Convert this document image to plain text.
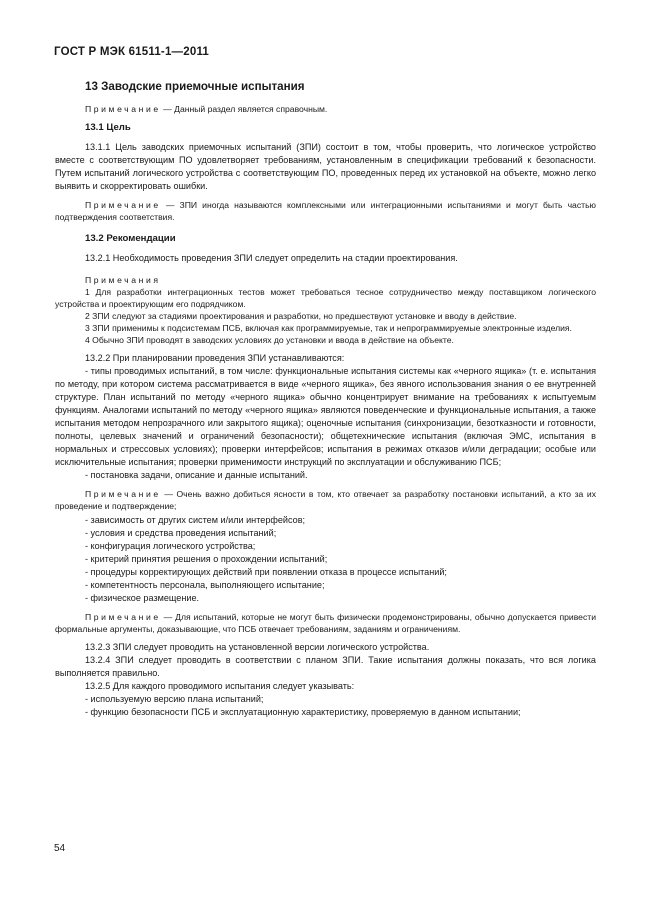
ГОСТ Р МЭК 61511-1—2011

13 Заводские приемочные испытания

Примечание — Данный раздел является справочным.

13.1 Цель

13.1.1 Цель заводских приемочных испытаний (ЗПИ) состоит в том, чтобы проверить, что логическое устройство вместе с соответствующим ПО удовлетворяет требованиям, установленным в спецификации требований к безопасности. Путем испытаний логического устройства с соответствующим ПО, проведенных перед их установкой на объекте, можно легко выявить и скорректировать ошибки.

Примечание — ЗПИ иногда называются комплексными или интеграционными испытаниями и могут быть частью подтверждения соответствия.

13.2 Рекомендации

13.2.1 Необходимость проведения ЗПИ следует определить на стадии проектирования.

Примечания

1 Для разработки интеграционных тестов может требоваться тесное сотрудничество между поставщиком логического устройства и проектирующим его подрядчиком.

2 ЗПИ следуют за стадиями проектирования и разработки, но предшествуют установке и вводу в действие.

3 ЗПИ применимы к подсистемам ПСБ, включая как программируемые, так и непрограммируемые электронные изделия.

4 Обычно ЗПИ проводят в заводских условиях до установки и ввода в действие на объекте.

13.2.2 При планировании проведения ЗПИ устанавливаются:

- типы проводимых испытаний, в том числе: функциональные испытания системы как «черного ящика» (т. е. испытания по методу, при котором система рассматривается в виде «черного ящика», без явного использования знания о ее внутренней структуре. План испытаний по методу «черного ящика» обычно концентрирует внимание на требованиях к испытуемым функциям. Аналогами испытаний по методу «черного ящика» являются поведенческие и функциональные испытания, а также испытания методом непрозрачного или закрытого ящика); оценочные испытания (синхронизации, безотказности и готовности, полноты, целевых значений и ограничений безопасности); общетехнические испытания (включая ЭМС, испытания в нормальных и стрессовых условиях); проверки интерфейсов; испытания в режимах отказов и/или деградации; особые или исключительные испытания; проверки применимости инструкций по эксплуатации и обслуживанию ПСБ;

- постановка задачи, описание и данные испытаний.

Примечание — Очень важно добиться ясности в том, кто отвечает за разработку постановки испытаний, а кто за их проведение и подтверждение;

- зависимость от других систем и/или интерфейсов;

- условия и средства проведения испытаний;

- конфигурация логического устройства;

- критерий принятия решения о прохождении испытаний;

- процедуры корректирующих действий при появлении отказа в процессе испытаний;

- компетентность персонала, выполняющего испытание;

- физическое размещение.

Примечание — Для испытаний, которые не могут быть физически продемонстрированы, обычно допускается привести формальные аргументы, доказывающие, что ПСБ отвечает требованиям, заданиям и ограничениям.

13.2.3 ЗПИ следует проводить на установленной версии логического устройства.

13.2.4 ЗПИ следует проводить в соответствии с планом ЗПИ. Такие испытания должны показать, что вся логика выполняется правильно.

13.2.5 Для каждого проводимого испытания следует указывать:

- используемую версию плана испытаний;

- функцию безопасности ПСБ и эксплуатационную характеристику, проверяемую в данном испытании;

54
